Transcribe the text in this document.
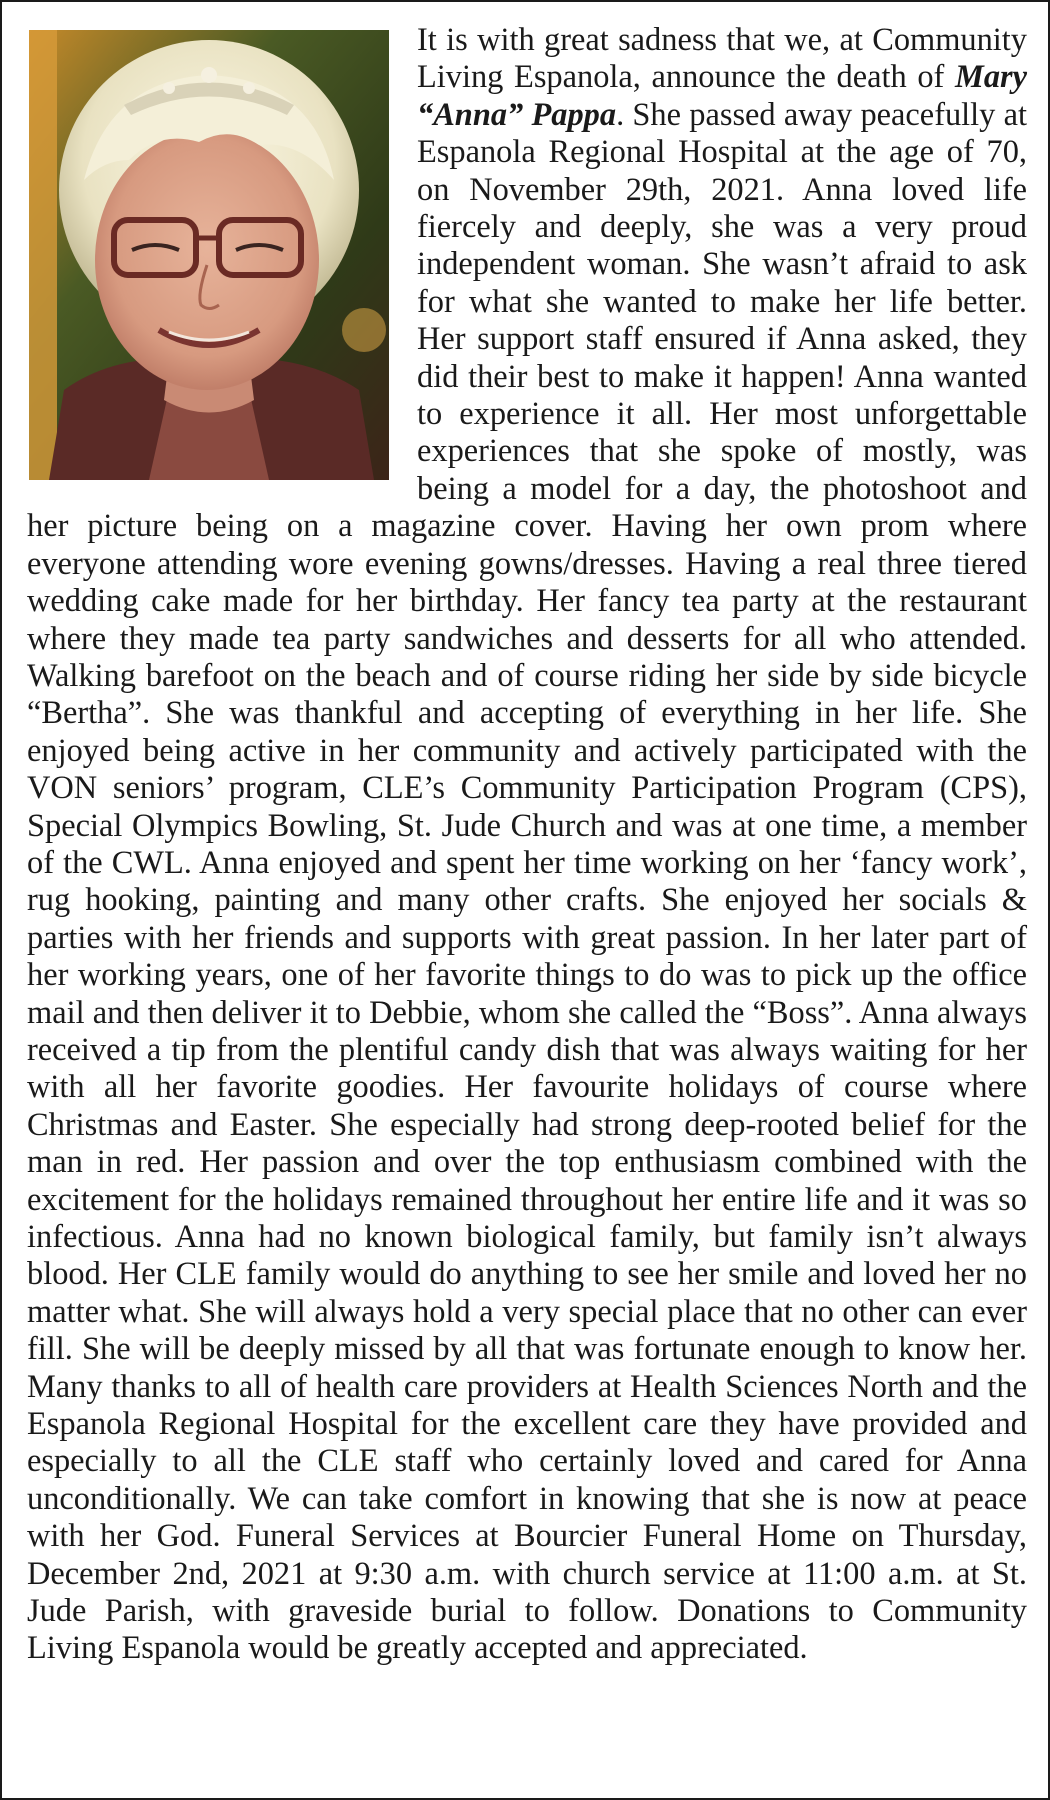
It is with great sadness that we, at Community Living Espanola, announce the death of Mary “Anna” Pappa. She passed away peacefully at Espanola Regional Hospital at the age of 70, on November 29th, 2021. Anna loved life fiercely and deeply, she was a very proud independent woman. She wasn’t afraid to ask for what she wanted to make her life better. Her support staff ensured if Anna asked, they did their best to make it happen! Anna wanted to experience it all. Her most unforgettable experiences that she spoke of mostly, was being a model for a day, the photoshoot and her picture being on a magazine cover. Having her own prom where everyone attending wore evening gowns/dresses. Having a real three tiered wedding cake made for her birthday. Her fancy tea party at the restaurant where they made tea party sandwiches and desserts for all who attended. Walking barefoot on the beach and of course riding her side by side bicycle “Bertha”. She was thankful and accepting of everything in her life. She enjoyed being active in her community and actively participated with the VON seniors’ program, CLE’s Community Participation Program (CPS), Special Olympics Bowling, St. Jude Church and was at one time, a member of the CWL. Anna enjoyed and spent her time working on her ‘fancy work’, rug hooking, painting and many other crafts. She enjoyed her socials & parties with her friends and supports with great passion. In her later part of her working years, one of her favorite things to do was to pick up the office mail and then deliver it to Debbie, whom she called the “Boss”. Anna always received a tip from the plentiful candy dish that was always waiting for her with all her favorite goodies. Her favourite holidays of course where Christmas and Easter. She especially had strong deep-rooted belief for the man in red. Her passion and over the top enthusiasm combined with the excitement for the holidays remained throughout her entire life and it was so infectious. Anna had no known biological family, but family isn’t always blood. Her CLE family would do anything to see her smile and loved her no matter what. She will always hold a very special place that no other can ever fill. She will be deeply missed by all that was fortunate enough to know her. Many thanks to all of health care providers at Health Sciences North and the Espanola Regional Hospital for the excellent care they have provided and especially to all the CLE staff who certainly loved and cared for Anna unconditionally. We can take comfort in knowing that she is now at peace with her God. Funeral Services at Bourcier Funeral Home on Thursday, December 2nd, 2021 at 9:30 a.m. with church service at 11:00 a.m. at St. Jude Parish, with graveside burial to follow. Donations to Community Living Espanola would be greatly accepted and appreciated.
